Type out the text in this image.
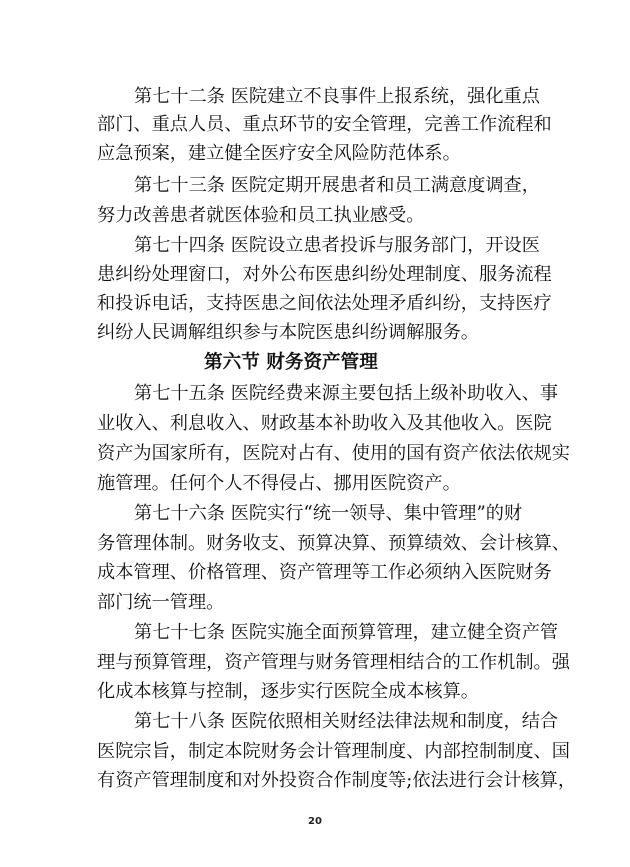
第七十二条 医院建立不良事件上报系统，强化重点
部门、重点人员、重点环节的安全管理，完善工作流程和
应急预案，建立健全医疗安全风险防范体系。
第七十三条 医院定期开展患者和员工满意度调查，
努力改善患者就医体验和员工执业感受。
第七十四条 医院设立患者投诉与服务部门，开设医
患纠纷处理窗口，对外公布医患纠纷处理制度、服务流程
和投诉电话，支持医患之间依法处理矛盾纠纷，支持医疗
纠纷人民调解组织参与本院医患纠纷调解服务。
第六节 财务资产管理
第七十五条 医院经费来源主要包括上级补助收入、事
业收入、利息收入、财政基本补助收入及其他收入。医院
资产为国家所有，医院对占有、使用的国有资产依法依规实
施管理。任何个人不得侵占、挪用医院资产。
第七十六条 医院实行“统一领导、集中管理”的财
务管理体制。财务收支、预算决算、预算绩效、会计核算、
成本管理、价格管理、资产管理等工作必须纳入医院财务
部门统一管理。
第七十七条 医院实施全面预算管理，建立健全资产管
理与预算管理，资产管理与财务管理相结合的工作机制。强
化成本核算与控制，逐步实行医院全成本核算。
第七十八条 医院依照相关财经法律法规和制度，结合
医院宗旨，制定本院财务会计管理制度、内部控制制度、国
有资产管理制度和对外投资合作制度等;依法进行会计核算，
20
